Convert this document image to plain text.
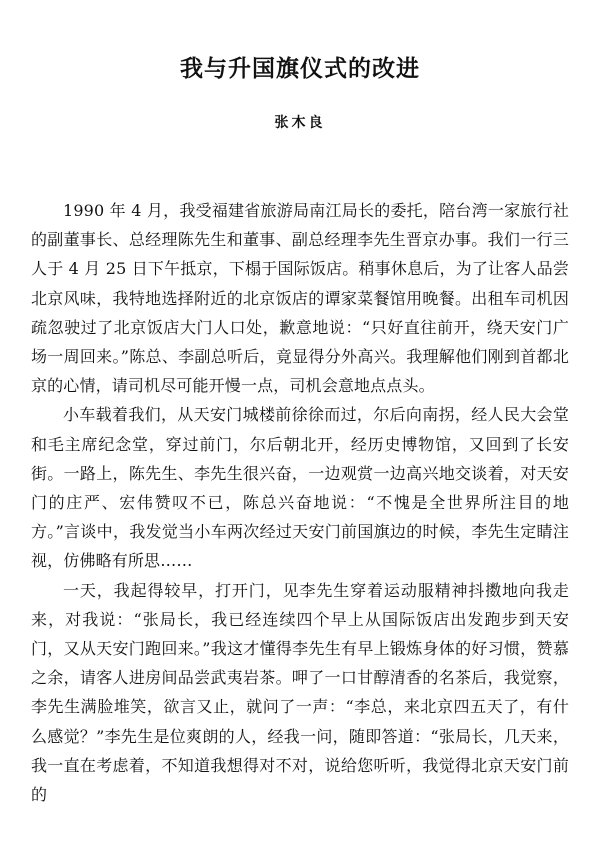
我与升国旗仪式的改进
张木良

1990 年 4 月，我受福建省旅游局南江局长的委托，陪台湾一家旅行社的副董事长、总经理陈先生和董事、副总经理李先生晋京办事。我们一行三人于 4 月 25 日下午抵京，下榻于国际饭店。稍事休息后，为了让客人品尝北京风味，我特地选择附近的北京饭店的谭家菜餐馆用晚餐。出租车司机因疏忽驶过了北京饭店大门人口处，歉意地说：“只好直往前开，绕天安门广场一周回来。”陈总、李副总听后，竟显得分外高兴。我理解他们刚到首都北京的心情，请司机尽可能开慢一点，司机会意地点点头。

小车载着我们，从天安门城楼前徐徐而过，尔后向南拐，经人民大会堂和毛主席纪念堂，穿过前门，尔后朝北开，经历史博物馆，又回到了长安街。一路上，陈先生、李先生很兴奋，一边观赏一边高兴地交谈着，对天安门的庄严、宏伟赞叹不已，陈总兴奋地说：“不愧是全世界所注目的地方。”言谈中，我发觉当小车两次经过天安门前国旗边的时候，李先生定睛注视，仿佛略有所思……

一天，我起得较早，打开门，见李先生穿着运动服精神抖擞地向我走来，对我说：“张局长，我已经连续四个早上从国际饭店出发跑步到天安门，又从天安门跑回来。”我这才懂得李先生有早上锻炼身体的好习惯，赞慕之余，请客人进房间品尝武夷岩茶。呷了一口甘醇清香的名茶后，我觉察，李先生满脸堆笑，欲言又止，就问了一声：“李总，来北京四五天了，有什么感觉？”李先生是位爽朗的人，经我一问，随即答道：“张局长，几天来，我一直在考虑着，不知道我想得对不对，说给您听听，我觉得北京天安门前的
